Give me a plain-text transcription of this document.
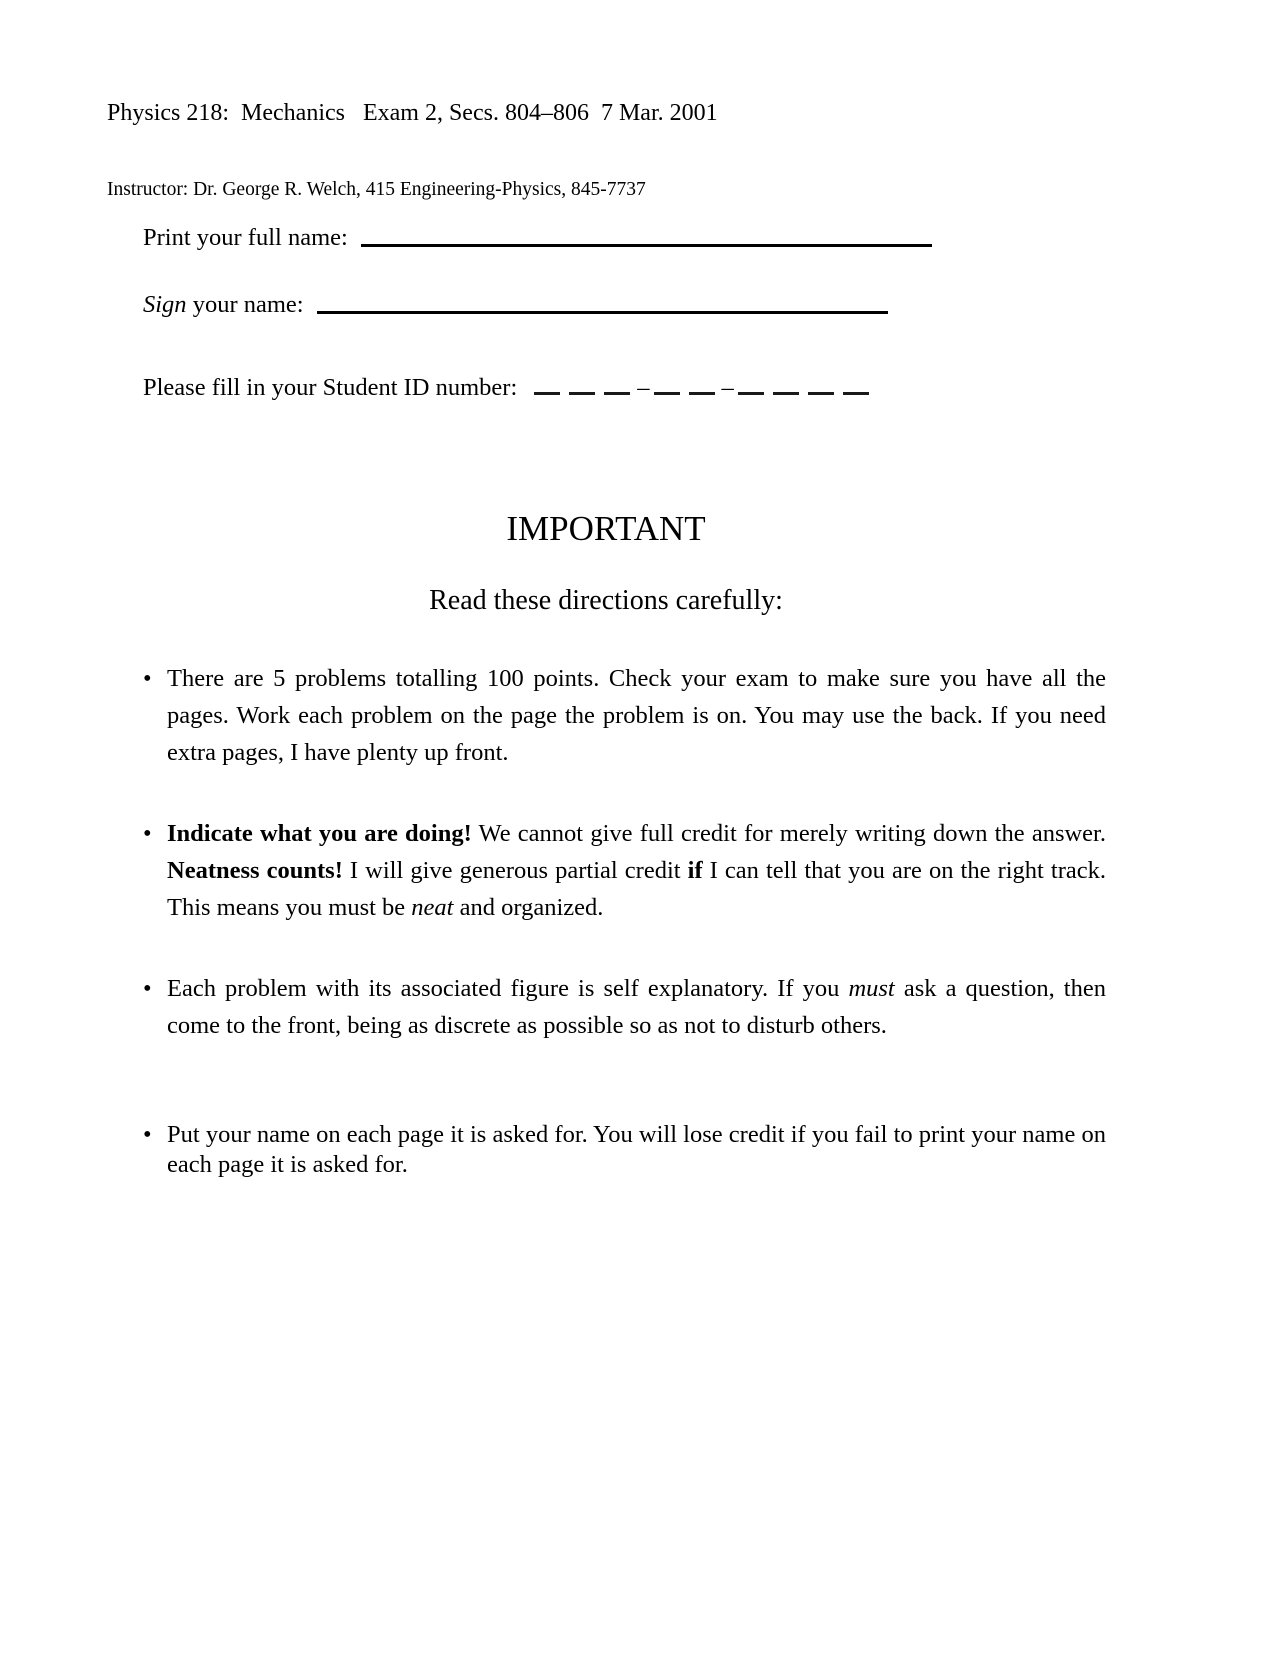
Physics 218:  Mechanics   Exam 2, Secs. 804–806  7 Mar. 2001

Instructor: Dr. George R. Welch, 415 Engineering-Physics, 845-7737

Print your full name:
Sign your name:
Please fill in your Student ID number:	–	–
IMPORTANT
Read these directions carefully:
• There are 5 problems totalling 100 points. Check your exam to make sure you have all the pages. Work each problem on the page the problem is on. You may use the back. If you need extra pages, I have plenty up front.
• Indicate what you are doing! We cannot give full credit for merely writing down the answer. Neatness counts! I will give generous partial credit if I can tell that you are on the right track. This means you must be neat and organized.
• Each problem with its associated figure is self explanatory. If you must ask a question, then come to the front, being as discrete as possible so as not to disturb others.
• Put your name on each page it is asked for. You will lose credit if you fail to print your name on each page it is asked for.
